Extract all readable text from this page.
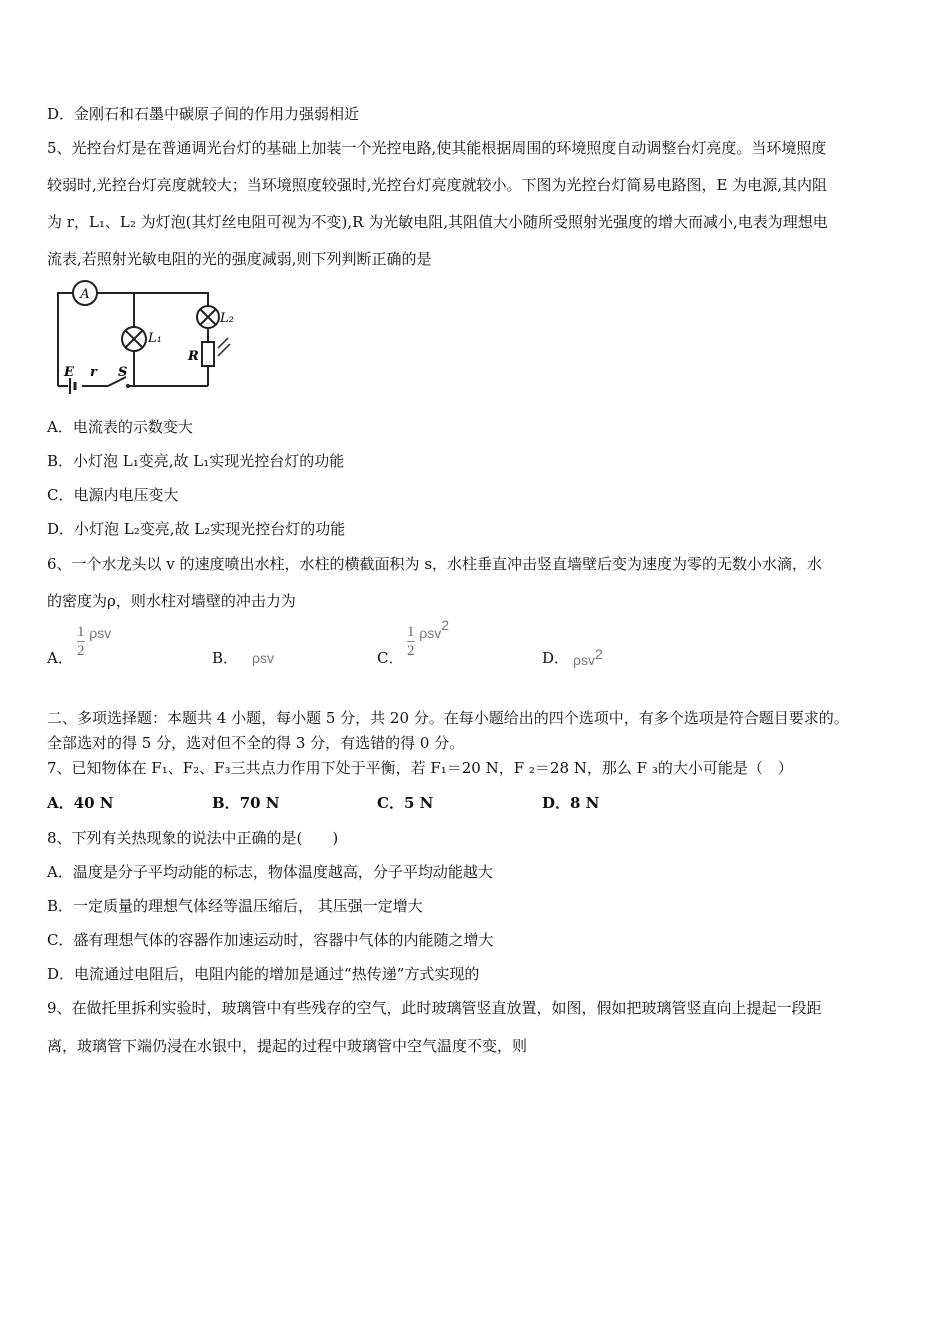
D．金刚石和石墨中碳原子间的作用力强弱相近
5、光控台灯是在普通调光台灯的基础上加装一个光控电路,使其能根据周围的环境照度自动调整台灯亮度。当环境照度
较弱时,光控台灯亮度就较大；当环境照度较强时,光控台灯亮度就较小。下图为光控台灯简易电路图，E 为电源,其内阻
为 r，L₁、L₂ 为灯泡(其灯丝电阻可视为不变),R 为光敏电阻,其阻值大小随所受照射光强度的增大而减小,电表为理想电
流表,若照射光敏电阻的光的强度减弱,则下列判断正确的是
A
L₁
L₂
R
E r S
A．电流表的示数变大
B．小灯泡 L₁变亮,故 L₁实现光控台灯的功能
C．电源内电压变大
D．小灯泡 L₂变亮,故 L₂实现光控台灯的功能
6、一个水龙头以 v 的速度喷出水柱，水柱的横截面积为 s，水柱垂直冲击竖直墙壁后变为速度为零的无数小水滴，水
的密度为ρ，则水柱对墙壁的冲击力为
A． $\frac{1}{2}$ ρsv
B． ρsv	C． $\frac{1}{2} \rho sv^2$
D． ρsv$^2$
二、多项选择题：本题共 4 小题，每小题 5 分，共 20 分。在每小题给出的四个选项中，有多个选项是符合题目要求的。
全部选对的得 5 分，选对但不全的得 3 分，有选错的得 0 分。
7、已知物体在 F₁、F₂、F₃三共点力作用下处于平衡，若 F₁＝20 N，F ₂＝28 N，那么 F ₃的大小可能是（　）
A．40 N	B．70 N	C．5 N	D．8 N
8、下列有关热现象的说法中正确的是(　　)
A．温度是分子平均动能的标志，物体温度越高，分子平均动能越大
B．一定质量的理想气体经等温压缩后， 其压强一定增大
C．盛有理想气体的容器作加速运动时，容器中气体的内能随之增大
D．电流通过电阻后，电阻内能的增加是通过“热传递”方式实现的
9、在做托里拆利实验时，玻璃管中有些残存的空气，此时玻璃管竖直放置，如图，假如把玻璃管竖直向上提起一段距
离，玻璃管下端仍浸在水银中，提起的过程中玻璃管中空气温度不变，则
